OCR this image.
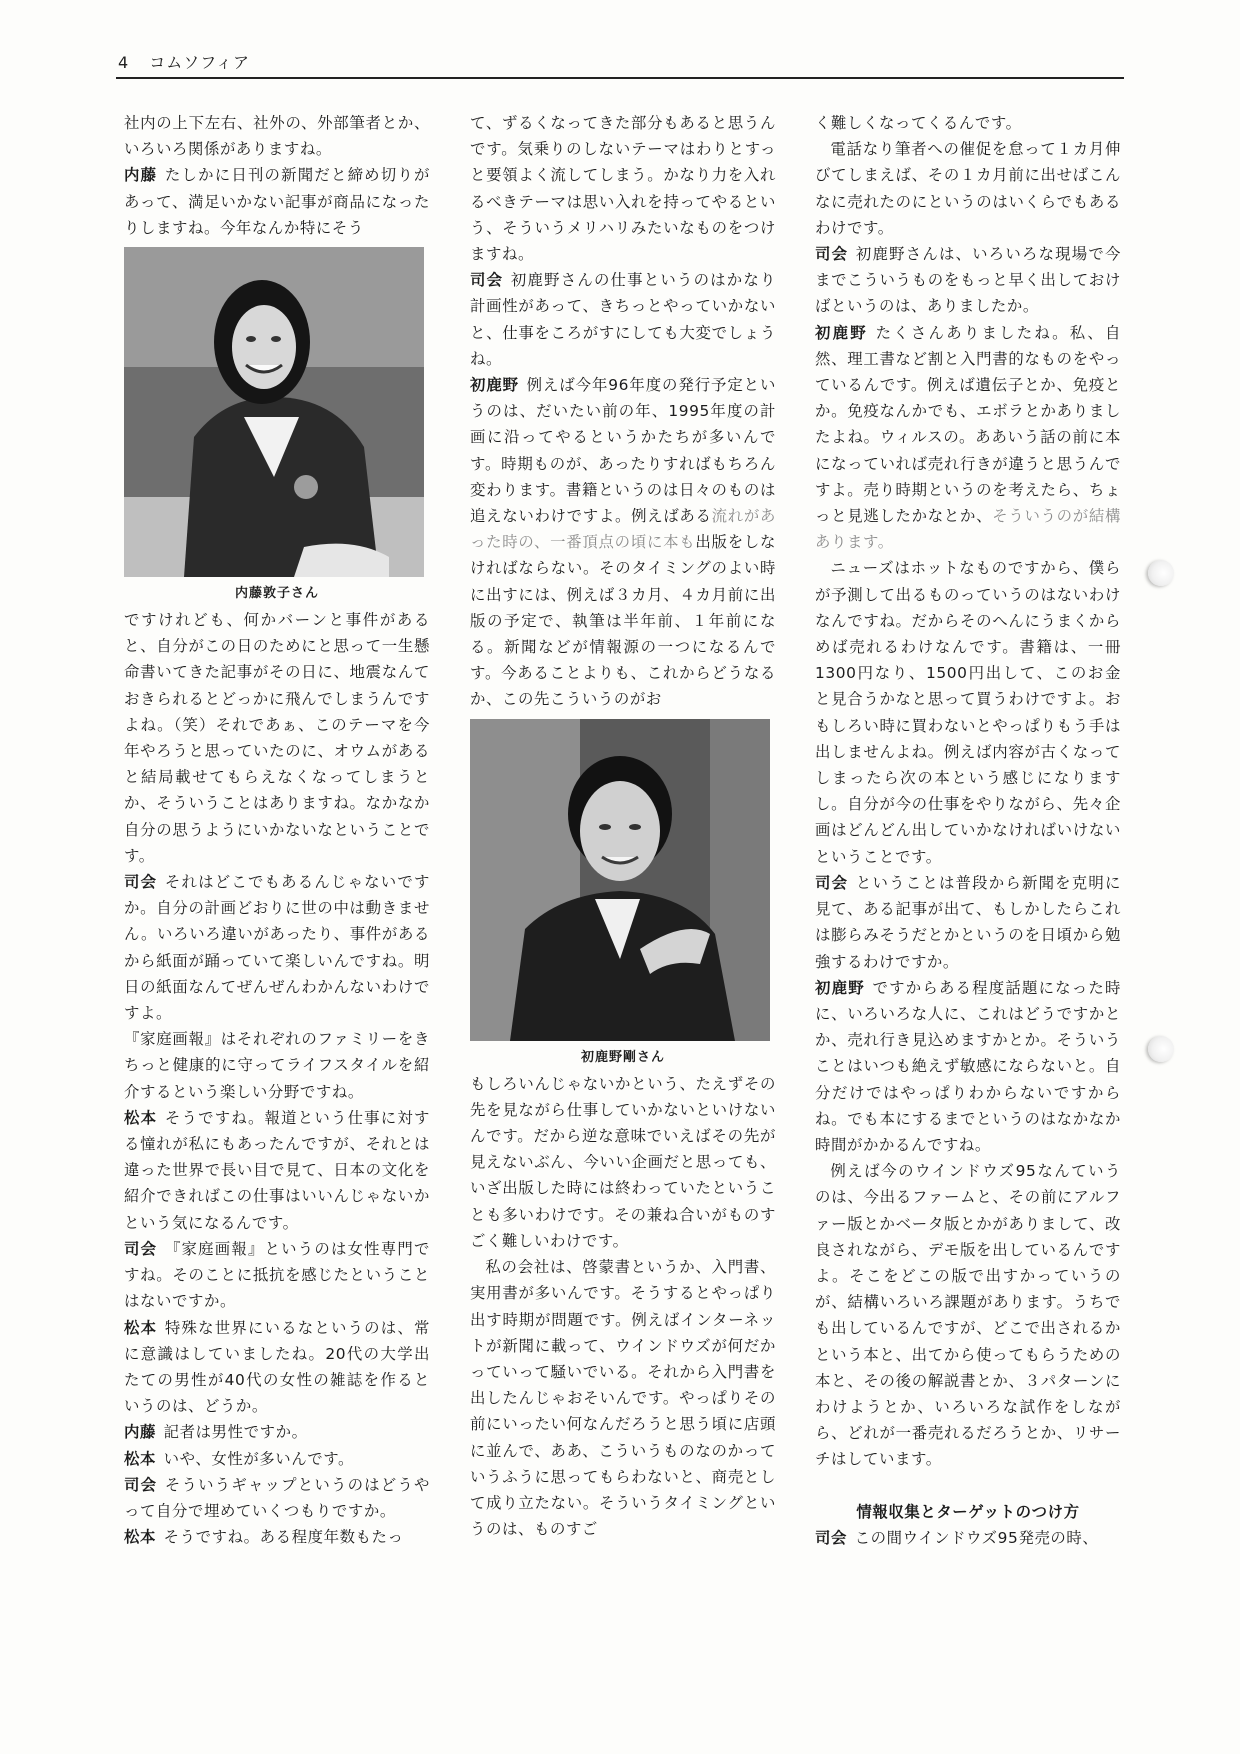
4 コムソフィア

社内の上下左右、社外の、外部筆者とか、いろいろ関係がありますね。

内藤 たしかに日刊の新聞だと締め切りがあって、満足いかない記事が商品になったりしますね。今年なんか特にそう

内藤敦子さん

ですけれども、何かバーンと事件があると、自分がこの日のためにと思って一生懸命書いてきた記事がその日に、地震なんておきられるとどっかに飛んでしまうんですよね。（笑）それであぁ、このテーマを今年やろうと思っていたのに、オウムがあると結局載せてもらえなくなってしまうとか、そういうことはありますね。なかなか自分の思うようにいかないなということです。

司会 それはどこでもあるんじゃないですか。自分の計画どおりに世の中は動きません。いろいろ違いがあったり、事件があるから紙面が踊っていて楽しいんですね。明日の紙面なんてぜんぜんわかんないわけですよ。

『家庭画報』はそれぞれのファミリーをきちっと健康的に守ってライフスタイルを紹介するという楽しい分野ですね。

松本 そうですね。報道という仕事に対する憧れが私にもあったんですが、それとは違った世界で長い目で見て、日本の文化を紹介できればこの仕事はいいんじゃないかという気になるんです。

司会 『家庭画報』というのは女性専門ですね。そのことに抵抗を感じたということはないですか。

松本 特殊な世界にいるなというのは、常に意識はしていましたね。20代の大学出たての男性が40代の女性の雑誌を作るというのは、どうか。

内藤 記者は男性ですか。

松本 いや、女性が多いんです。

司会 そういうギャップというのはどうやって自分で埋めていくつもりですか。

松本 そうですね。ある程度年数もたっ

て、ずるくなってきた部分もあると思うんです。気乗りのしないテーマはわりとすっと要領よく流してしまう。かなり力を入れるべきテーマは思い入れを持ってやるという、そういうメリハリみたいなものをつけますね。

司会 初鹿野さんの仕事というのはかなり計画性があって、きちっとやっていかないと、仕事をころがすにしても大変でしょうね。

初鹿野 例えば今年96年度の発行予定というのは、だいたい前の年、1995年度の計画に沿ってやるというかたちが多いんです。時期ものが、あったりすればもちろん変わります。書籍というのは日々のものは追えないわけですよ。例えばある流れがあった時の、一番頂点の頃に本も出版をしなければならない。そのタイミングのよい時に出すには、例えば３カ月、４カ月前に出版の予定で、執筆は半年前、１年前になる。新聞などが情報源の一つになるんです。今あることよりも、これからどうなるか、この先こういうのがお

初鹿野剛さん

もしろいんじゃないかという、たえずその先を見ながら仕事していかないといけないんです。だから逆な意味でいえばその先が見えないぶん、今いい企画だと思っても、いざ出版した時には終わっていたということも多いわけです。その兼ね合いがものすごく難しいわけです。

私の会社は、啓蒙書というか、入門書、実用書が多いんです。そうするとやっぱり出す時期が問題です。例えばインターネットが新聞に載って、ウインドウズが何だかっていって騒いでいる。それから入門書を出したんじゃおそいんです。やっぱりその前にいったい何なんだろうと思う頃に店頭に並んで、ああ、こういうものなのかっていうふうに思ってもらわないと、商売として成り立たない。そういうタイミングというのは、ものすご

く難しくなってくるんです。

電話なり筆者への催促を怠って１カ月伸びてしまえば、その１カ月前に出せばこんなに売れたのにというのはいくらでもあるわけです。

司会 初鹿野さんは、いろいろな現場で今までこういうものをもっと早く出しておけばというのは、ありましたか。

初鹿野 たくさんありましたね。私、自然、理工書など割と入門書的なものをやっているんです。例えば遺伝子とか、免疫とか。免疫なんかでも、エボラとかありましたよね。ウィルスの。ああいう話の前に本になっていれば売れ行きが違うと思うんですよ。売り時期というのを考えたら、ちょっと見逃したかなとか、そういうのが結構あります。

ニューズはホットなものですから、僕らが予測して出るものっていうのはないわけなんですね。だからそのへんにうまくからめば売れるわけなんです。書籍は、一冊1300円なり、1500円出して、このお金と見合うかなと思って買うわけですよ。おもしろい時に買わないとやっぱりもう手は出しませんよね。例えば内容が古くなってしまったら次の本という感じになりますし。自分が今の仕事をやりながら、先々企画はどんどん出していかなければいけないということです。

司会 ということは普段から新聞を克明に見て、ある記事が出て、もしかしたらこれは膨らみそうだとかというのを日頃から勉強するわけですか。

初鹿野 ですからある程度話題になった時に、いろいろな人に、これはどうですかとか、売れ行き見込めますかとか。そういうことはいつも絶えず敏感にならないと。自分だけではやっぱりわからないですからね。でも本にするまでというのはなかなか時間がかかるんですね。

例えば今のウインドウズ95なんていうのは、今出るファームと、その前にアルファー版とかベータ版とかがありまして、改良されながら、デモ版を出しているんですよ。そこをどこの版で出すかっていうのが、結構いろいろ課題があります。うちでも出しているんですが、どこで出されるかという本と、出てから使ってもらうための本と、その後の解説書とか、３パターンにわけようとか、いろいろな試作をしながら、どれが一番売れるだろうとか、リサーチはしています。

情報収集とターゲットのつけ方

司会 この間ウインドウズ95発売の時、
